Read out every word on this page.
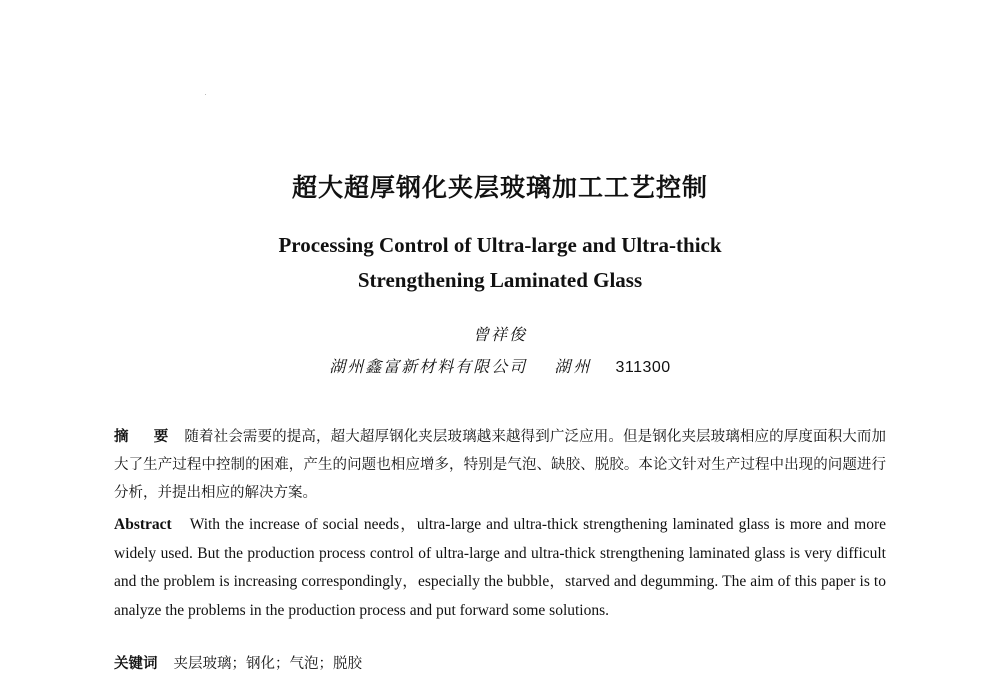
超大超厚钢化夹层玻璃加工工艺控制
Processing Control of Ultra-large and Ultra-thick
Strengthening Laminated Glass
曾祥俊
湖州鑫富新材料有限公司 湖州 311300
摘 要 随着社会需要的提高，超大超厚钢化夹层玻璃越来越得到广泛应用。但是钢化夹层玻璃相应的厚度面积大而加大了生产过程中控制的困难，产生的问题也相应增多，特别是气泡、缺胶、脱胶。本论文针对生产过程中出现的问题进行分析，并提出相应的解决方案。
Abstract With the increase of social needs，ultra-large and ultra-thick strengthening laminated glass is more and more widely used. But the production process control of ultra-large and ultra-thick strengthening laminated glass is very difficult and the problem is increasing correspondingly，especially the bubble，starved and degumming. The aim of this paper is to analyze the problems in the production process and put forward some solutions.
关键词 夹层玻璃；钢化；气泡；脱胶
